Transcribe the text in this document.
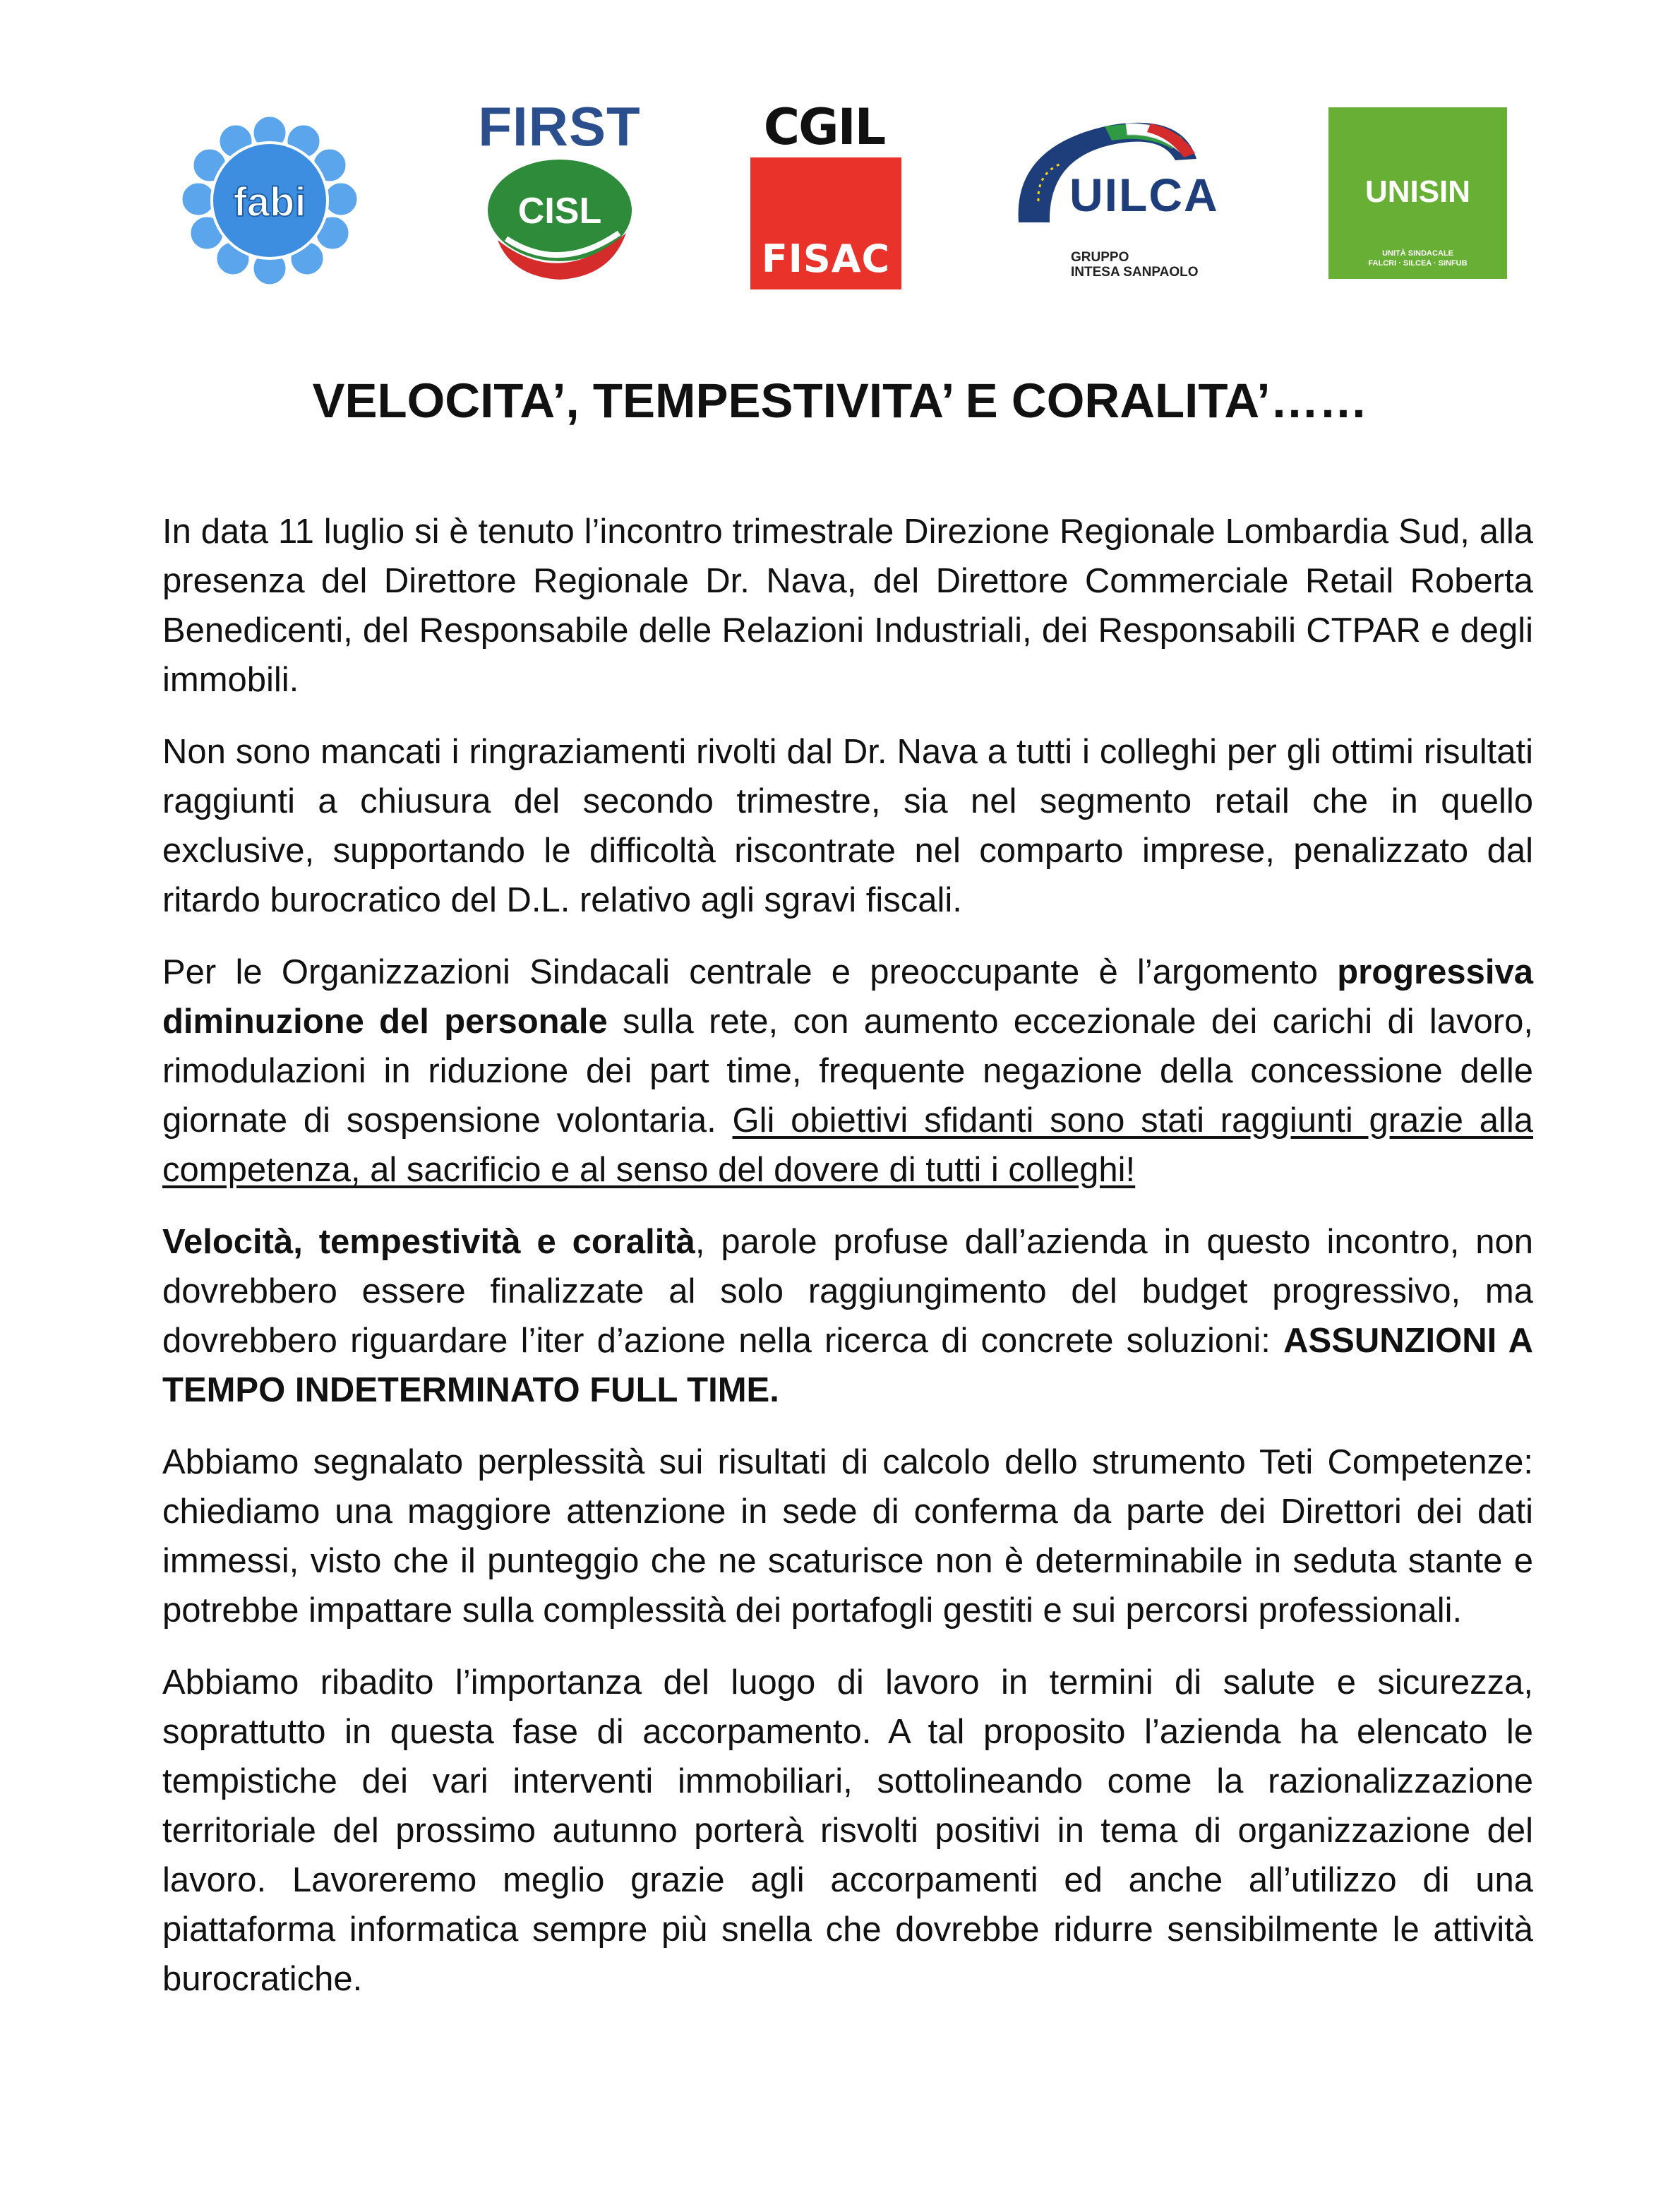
fabi
FIRST
CISL
CGIL
FISAC
UILCA
GRUPPO
INTESA SANPAOLO
UNISIN
UNITÀ SINDACALE
FALCRI · SILCEA · SINFUB
VELOCITA’, TEMPESTIVITA’ E CORALITA’……

In data 11 luglio si è tenuto l’incontro trimestrale Direzione Regionale Lombardia Sud, alla presenza del Direttore Regionale Dr. Nava, del Direttore Commerciale Retail Roberta Benedicenti, del Responsabile delle Relazioni Industriali, dei Responsabili CTPAR e degli immobili.

Non sono mancati i ringraziamenti rivolti dal Dr. Nava a tutti i colleghi per gli ottimi risultati raggiunti a chiusura del secondo trimestre, sia nel segmento retail che in quello exclusive, supportando le difficoltà riscontrate nel comparto imprese, penalizzato dal ritardo burocratico del D.L. relativo agli sgravi fiscali.

Per le Organizzazioni Sindacali centrale e preoccupante è l’argomento progressiva diminuzione del personale sulla rete, con aumento eccezionale dei carichi di lavoro, rimodulazioni in riduzione dei part time, frequente negazione della concessione delle giornate di sospensione volontaria. Gli obiettivi sfidanti sono stati raggiunti grazie alla competenza, al sacrificio e al senso del dovere di tutti i colleghi!

Velocità, tempestività e coralità, parole profuse dall’azienda in questo incontro, non dovrebbero essere finalizzate al solo raggiungimento del budget progressivo, ma dovrebbero riguardare l’iter d’azione nella ricerca di concrete soluzioni: ASSUNZIONI A TEMPO INDETERMINATO FULL TIME.

Abbiamo segnalato perplessità sui risultati di calcolo dello strumento Teti Competenze: chiediamo una maggiore attenzione in sede di conferma da parte dei Direttori dei dati immessi, visto che il punteggio che ne scaturisce non è determinabile in seduta stante e potrebbe impattare sulla complessità dei portafogli gestiti e sui percorsi professionali.

Abbiamo ribadito l’importanza del luogo di lavoro in termini di salute e sicurezza, soprattutto in questa fase di accorpamento. A tal proposito l’azienda ha elencato le tempistiche dei vari interventi immobiliari, sottolineando come la razionalizzazione territoriale del prossimo autunno porterà risvolti positivi in tema di organizzazione del lavoro. Lavoreremo meglio grazie agli accorpamenti ed anche all’utilizzo di una piattaforma informatica sempre più snella che dovrebbe ridurre sensibilmente le attività burocratiche.
